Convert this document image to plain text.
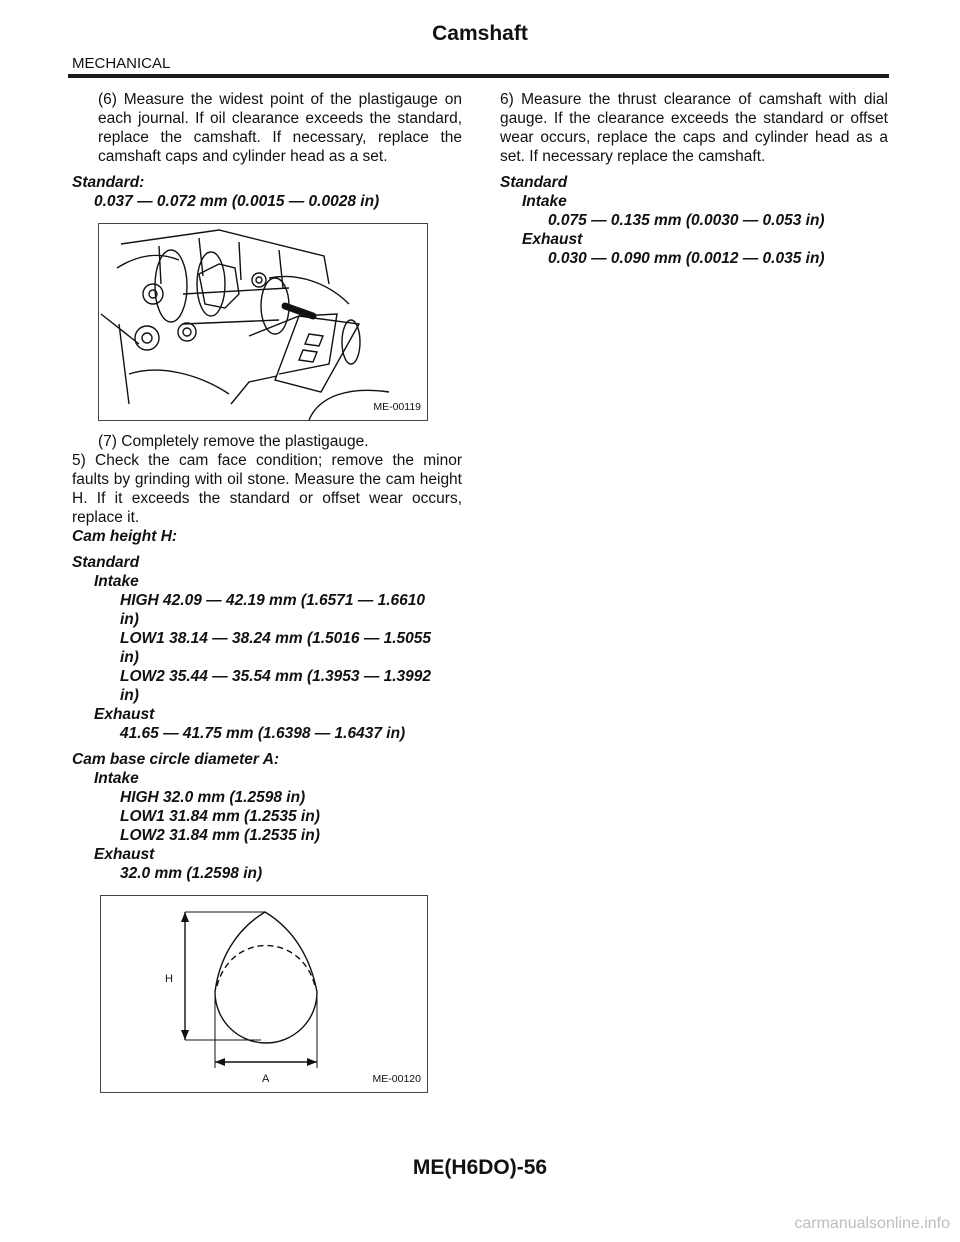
Camshaft
MECHANICAL

(6) Measure the widest point of the plastigauge on each journal. If oil clearance exceeds the standard, replace the camshaft. If necessary, replace the camshaft caps and cylinder head as a set.

Standard:

0.037 — 0.072 mm (0.0015 — 0.0028 in)

ME-00119

(7) Completely remove the plastigauge.

5) Check the cam face condition; remove the minor faults by grinding with oil stone. Measure the cam height H. If it exceeds the standard or offset wear occurs, replace it.

Cam height H:

Standard

Intake

HIGH 42.09 — 42.19 mm (1.6571 — 1.6610

in)

LOW1 38.14 — 38.24 mm (1.5016 — 1.5055

in)

LOW2 35.44 — 35.54 mm (1.3953 — 1.3992

in)

Exhaust

41.65 — 41.75 mm (1.6398 — 1.6437 in)

Cam base circle diameter A:

Intake

HIGH 32.0 mm (1.2598 in)

LOW1 31.84 mm (1.2535 in)

LOW2 31.84 mm (1.2535 in)

Exhaust

32.0 mm (1.2598 in)

H
A	ME-00120

6) Measure the thrust clearance of camshaft with dial gauge. If the clearance exceeds the standard or offset wear occurs, replace the caps and cylinder head as a set. If necessary replace the camshaft.

Standard

Intake

0.075 — 0.135 mm (0.0030 — 0.053 in)

Exhaust

0.030 — 0.090 mm (0.0012 — 0.035 in)

ME(H6DO)-56
carmanualsonline.info
